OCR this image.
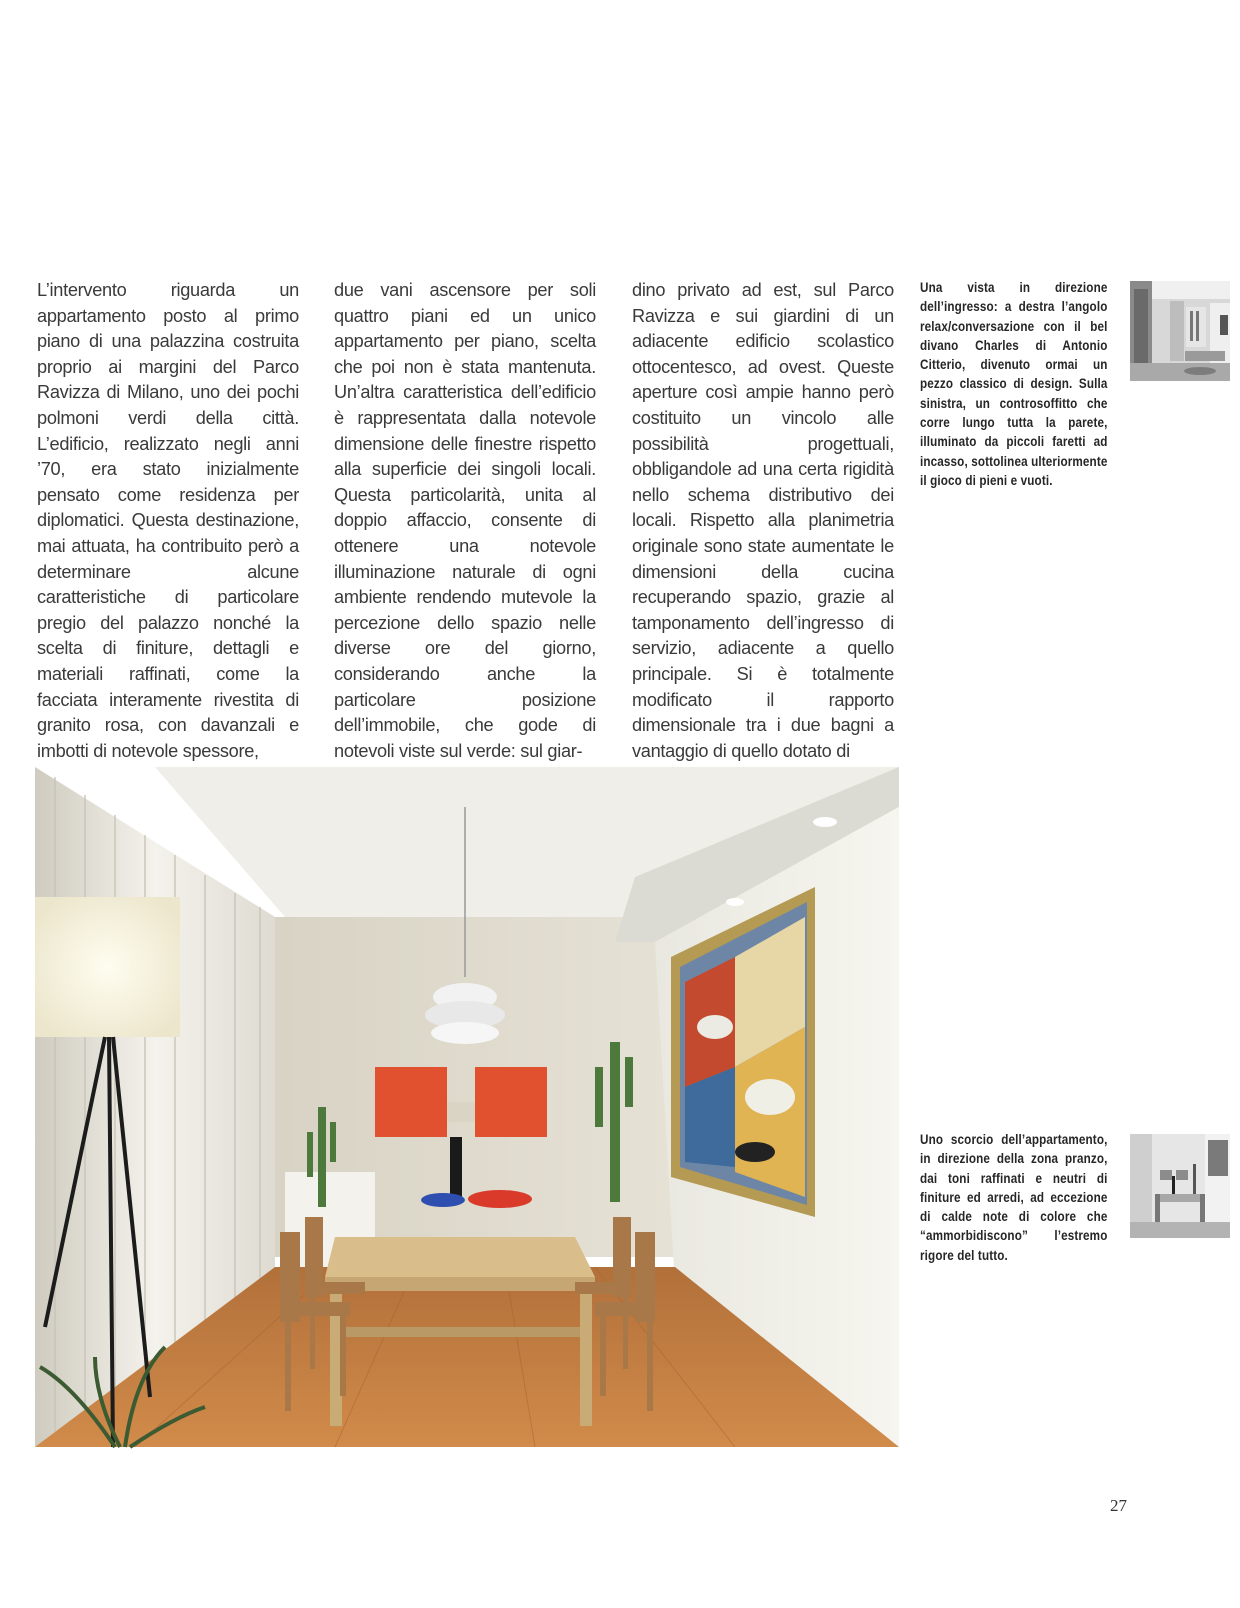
L’intervento riguarda un appartamento posto al primo piano di una palazzina costruita proprio ai margini del Parco Ravizza di Milano, uno dei pochi polmoni verdi della città. L’edificio, realizzato negli anni ’70, era stato inizialmente pensato come residenza per diplomatici. Questa destinazione, mai attuata, ha contribuito però a determinare alcune caratteristiche di particolare pregio del palazzo nonché la scelta di finiture, dettagli e materiali raffinati, come la facciata interamente rivestita di granito rosa, con davanzali e imbotti di notevole spessore,

due vani ascensore per soli quattro piani ed un unico appartamento per piano, scelta che poi non è stata mantenuta. Un’altra caratteristica dell’edificio è rappresentata dalla notevole dimensione delle finestre rispetto alla superficie dei singoli locali. Questa particolarità, unita al doppio affaccio, consente di ottenere una notevole illuminazione naturale di ogni ambiente rendendo mutevole la percezione dello spazio nelle diverse ore del giorno, considerando anche la particolare posizione dell’immobile, che gode di notevoli viste sul verde: sul giar-

dino privato ad est, sul Parco Ravizza e sui giardini di un adiacente edificio scolastico ottocentesco, ad ovest. Queste aperture così ampie hanno però costituito un vincolo alle possibilità progettuali, obbligandole ad una certa rigidità nello schema distributivo dei locali. Rispetto alla planimetria originale sono state aumentate le dimensioni della cucina recuperando spazio, grazie al tamponamento dell’ingresso di servizio, adiacente a quello principale. Si è totalmente modificato il rapporto dimensionale tra i due bagni a vantaggio di quello dotato di

Una vista in direzione dell’ingresso: a destra l’angolo relax/conversazione con il bel divano Charles di Antonio Citterio, divenuto ormai un pezzo classico di design. Sulla sinistra, un controsoffitto che corre lungo tutta la parete, illuminato da piccoli faretti ad incasso, sottolinea ulteriormente il gioco di pieni e vuoti.

Uno scorcio dell’appartamento, in direzione della zona pranzo, dai toni raffinati e neutri di finiture ed arredi, ad eccezione di calde note di colore che “ammorbidiscono” l’estremo rigore del tutto.

27
